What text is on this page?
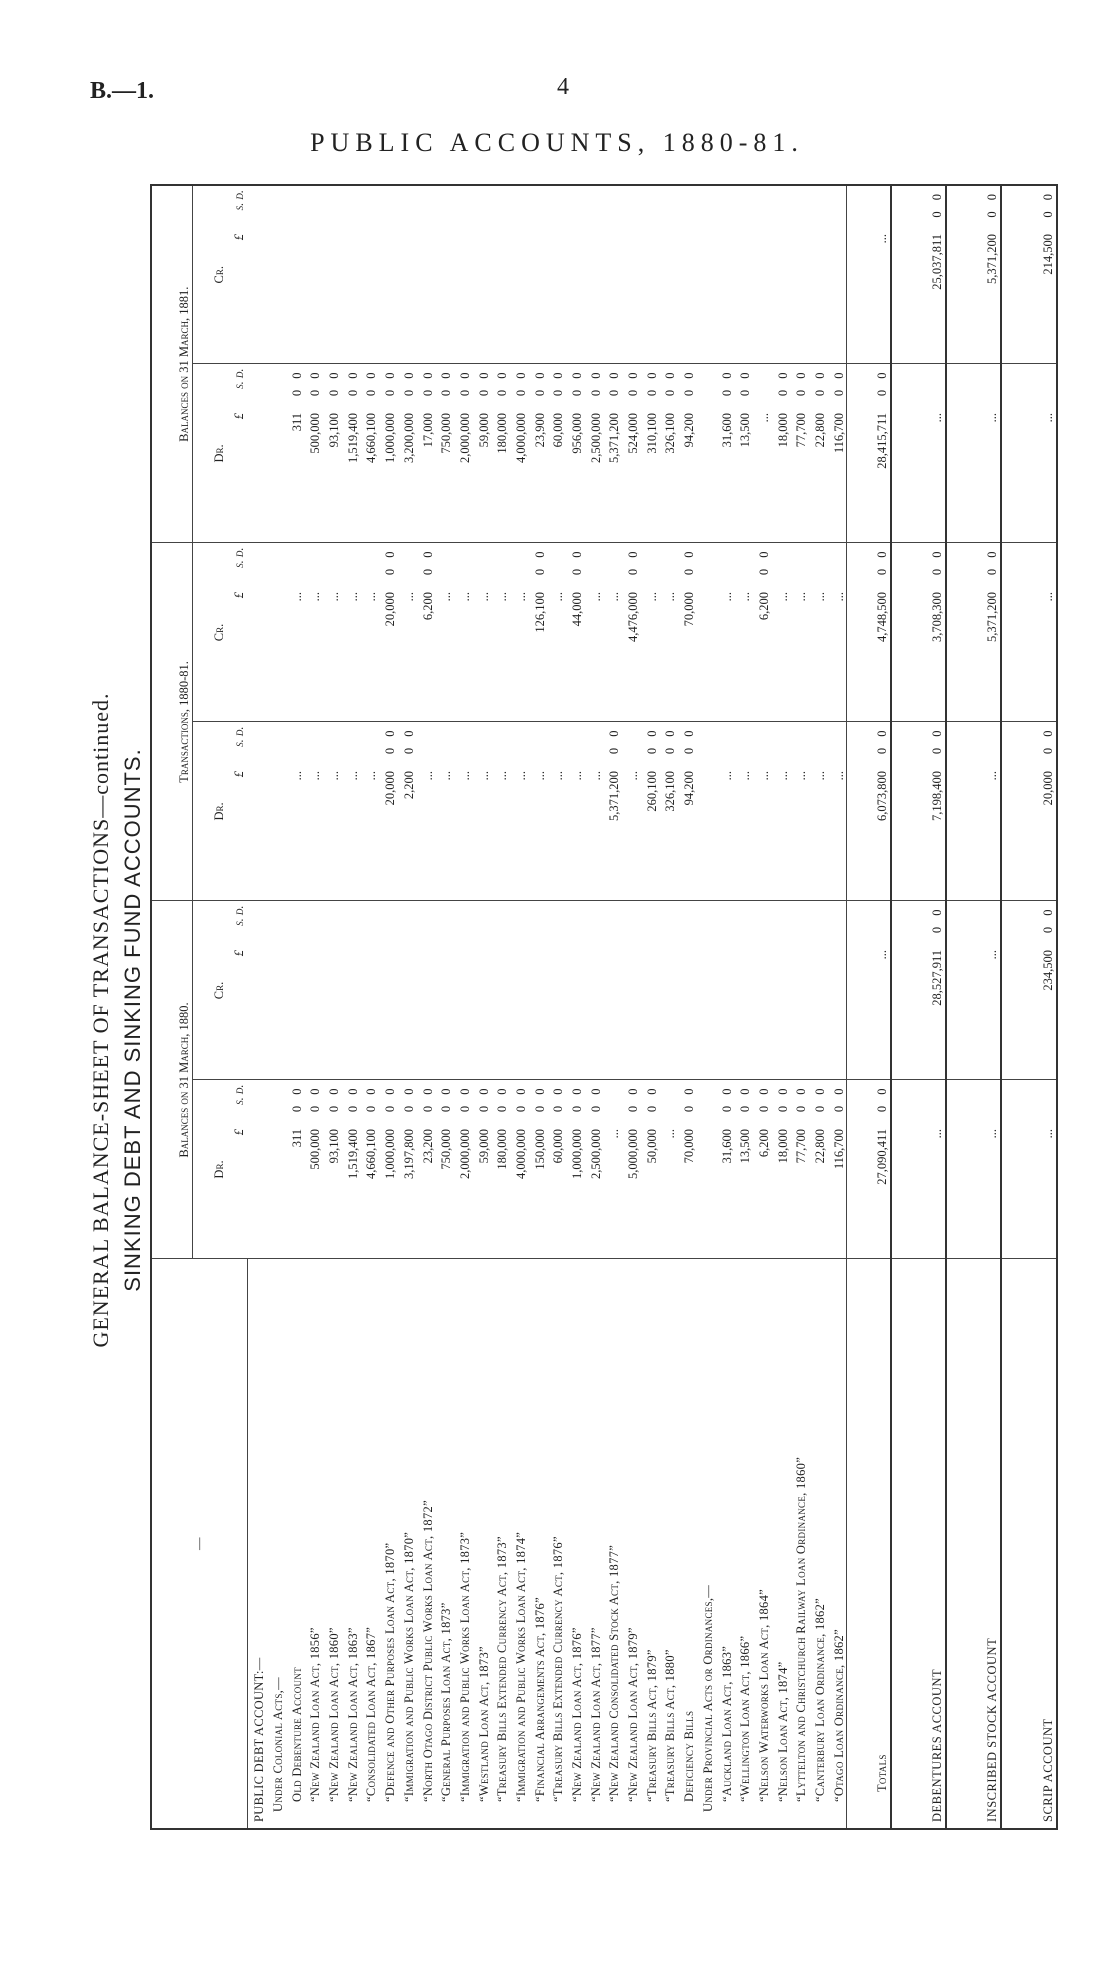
B.—1.	4
PUBLIC ACCOUNTS, 1880-81.
GENERAL BALANCE-SHEET OF TRANSACTIONS—continued. SINKING DEBT AND SINKING FUND ACCOUNTS.
—	Balances on 31 March, 1880.				Transactions, 1880-81.				Balances on 31 March, 1881.			
	Dr.		Cr.		Dr.		Cr.		Dr.		Cr.	
	£	s. d.	£	s. d.	£	s. d.	£	s. d.	£	s. d.	£	s. d.
PUBLIC DEBT ACCOUNT:—												
Under Colonial Acts,—												
Old Debenture Account	311	0 0			...		...		311	0 0		
“New Zealand Loan Act, 1856”	500,000	0 0			...		...		500,000	0 0		
“New Zealand Loan Act, 1860”	93,100	0 0			...		...		93,100	0 0		
“New Zealand Loan Act, 1863”	1,519,400	0 0			...		...		1,519,400	0 0		
“Consolidated Loan Act, 1867”	4,660,100	0 0			...		...		4,660,100	0 0		
“Defence and Other Purposes Loan Act, 1870”	1,000,000	0 0			20,000	0 0	20,000	0 0	1,000,000	0 0		
“Immigration and Public Works Loan Act, 1870”	3,197,800	0 0			2,200	0 0	...		3,200,000	0 0		
“North Otago District Public Works Loan Act, 1872”	23,200	0 0			...		6,200	0 0	17,000	0 0		
“General Purposes Loan Act, 1873”	750,000	0 0			...		...		750,000	0 0		
“Immigration and Public Works Loan Act, 1873”	2,000,000	0 0			...		...		2,000,000	0 0		
“Westland Loan Act, 1873”	59,000	0 0			...		...		59,000	0 0		
“Treasury Bills Extended Currency Act, 1873”	180,000	0 0			...		...		180,000	0 0		
“Immigration and Public Works Loan Act, 1874”	4,000,000	0 0			...		...		4,000,000	0 0		
“Financial Arrangements Act, 1876”	150,000	0 0			...		126,100	0 0	23,900	0 0		
“Treasury Bills Extended Currency Act, 1876”	60,000	0 0			...		...		60,000	0 0		
“New Zealand Loan Act, 1876”	1,000,000	0 0			...		44,000	0 0	956,000	0 0		
“New Zealand Loan Act, 1877”	2,500,000	0 0			...		...		2,500,000	0 0		
“New Zealand Consolidated Stock Act, 1877”	...				5,371,200	0 0	...		5,371,200	0 0		
“New Zealand Loan Act, 1879”	5,000,000	0 0			...		4,476,000	0 0	524,000	0 0		
“Treasury Bills Act, 1879”	50,000	0 0			260,100	0 0	...		310,100	0 0		
“Treasury Bills Act, 1880”	...				326,100	0 0	...		326,100	0 0		
Deficiency Bills	70,000	0 0			94,200	0 0	70,000	0 0	94,200	0 0		
Under Provincial Acts or Ordinances,—												
“Auckland Loan Act, 1863”	31,600	0 0			...		...		31,600	0 0		
“Wellington Loan Act, 1866”	13,500	0 0			...		...		13,500	0 0		
“Nelson Waterworks Loan Act, 1864”	6,200	0 0			...		6,200	0 0	...			
“Nelson Loan Act, 1874”	18,000	0 0			...		...		18,000	0 0		
“Lyttelton and Christchurch Railway Loan Ordinance, 1860”	77,700	0 0			...		...		77,700	0 0		
“Canterbury Loan Ordinance, 1862”	22,800	0 0			...		...		22,800	0 0		
“Otago Loan Ordinance, 1862”	116,700	0 0			...		...		116,700	0 0		
Totals	27,090,411	0 0	...		6,073,800	0 0	4,748,500	0 0	28,415,711	0 0	...	
DEBENTURES ACCOUNT	...		28,527,911	0 0	7,198,400	0 0	3,708,300	0 0	...		25,037,811	0 0
INSCRIBED STOCK ACCOUNT	...		...		...		5,371,200	0 0	...		5,371,200	0 0
SCRIP ACCOUNT	...		234,500	0 0	20,000	0 0	...		...		214,500	0 0
